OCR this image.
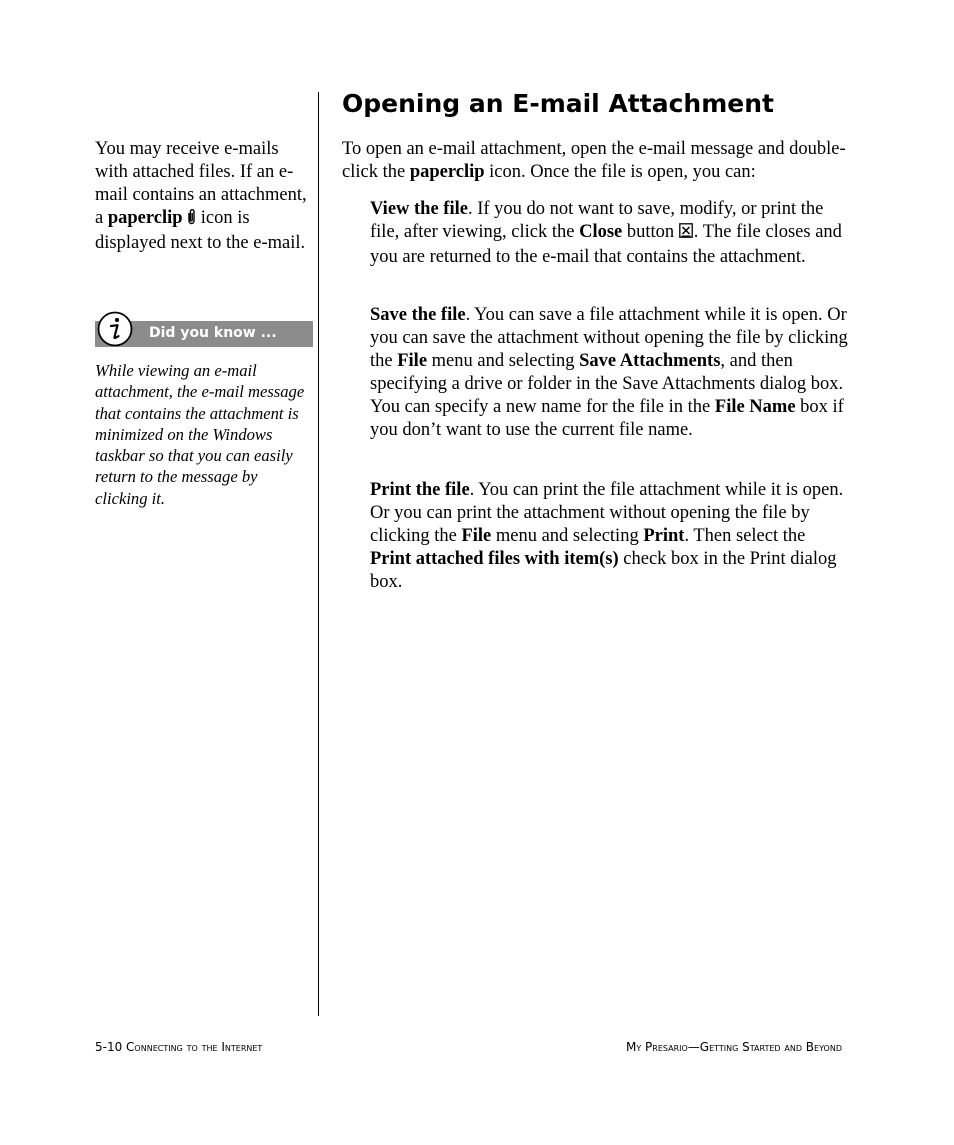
You may receive e-mails with attached files. If an e-mail contains an attachment, a paperclip  icon is displayed next to the e-mail.
Did you know ...
While viewing an e-mail attachment, the e-mail message that contains the attachment is minimized on the Windows taskbar so that you can easily return to the message by clicking it.
Opening an E-mail Attachment

To open an e-mail attachment, open the e-mail message and double-click the paperclip icon. Once the file is open, you can:

View the file. If you do not want to save, modify, or print the file, after viewing, click the Close button . The file closes and you are returned to the e-mail that contains the attachment.

Save the file. You can save a file attachment while it is open. Or you can save the attachment without opening the file by clicking the File menu and selecting Save Attachments, and then specifying a drive or folder in the Save Attachments dialog box. You can specify a new name for the file in the File Name box if you don’t want to use the current file name.

Print the file. You can print the file attachment while it is open. Or you can print the attachment without opening the file by clicking the File menu and selecting Print. Then select the Print attached files with item(s) check box in the Print dialog box.

5-10 Connecting to the Internet	My Presario—Getting Started and Beyond
